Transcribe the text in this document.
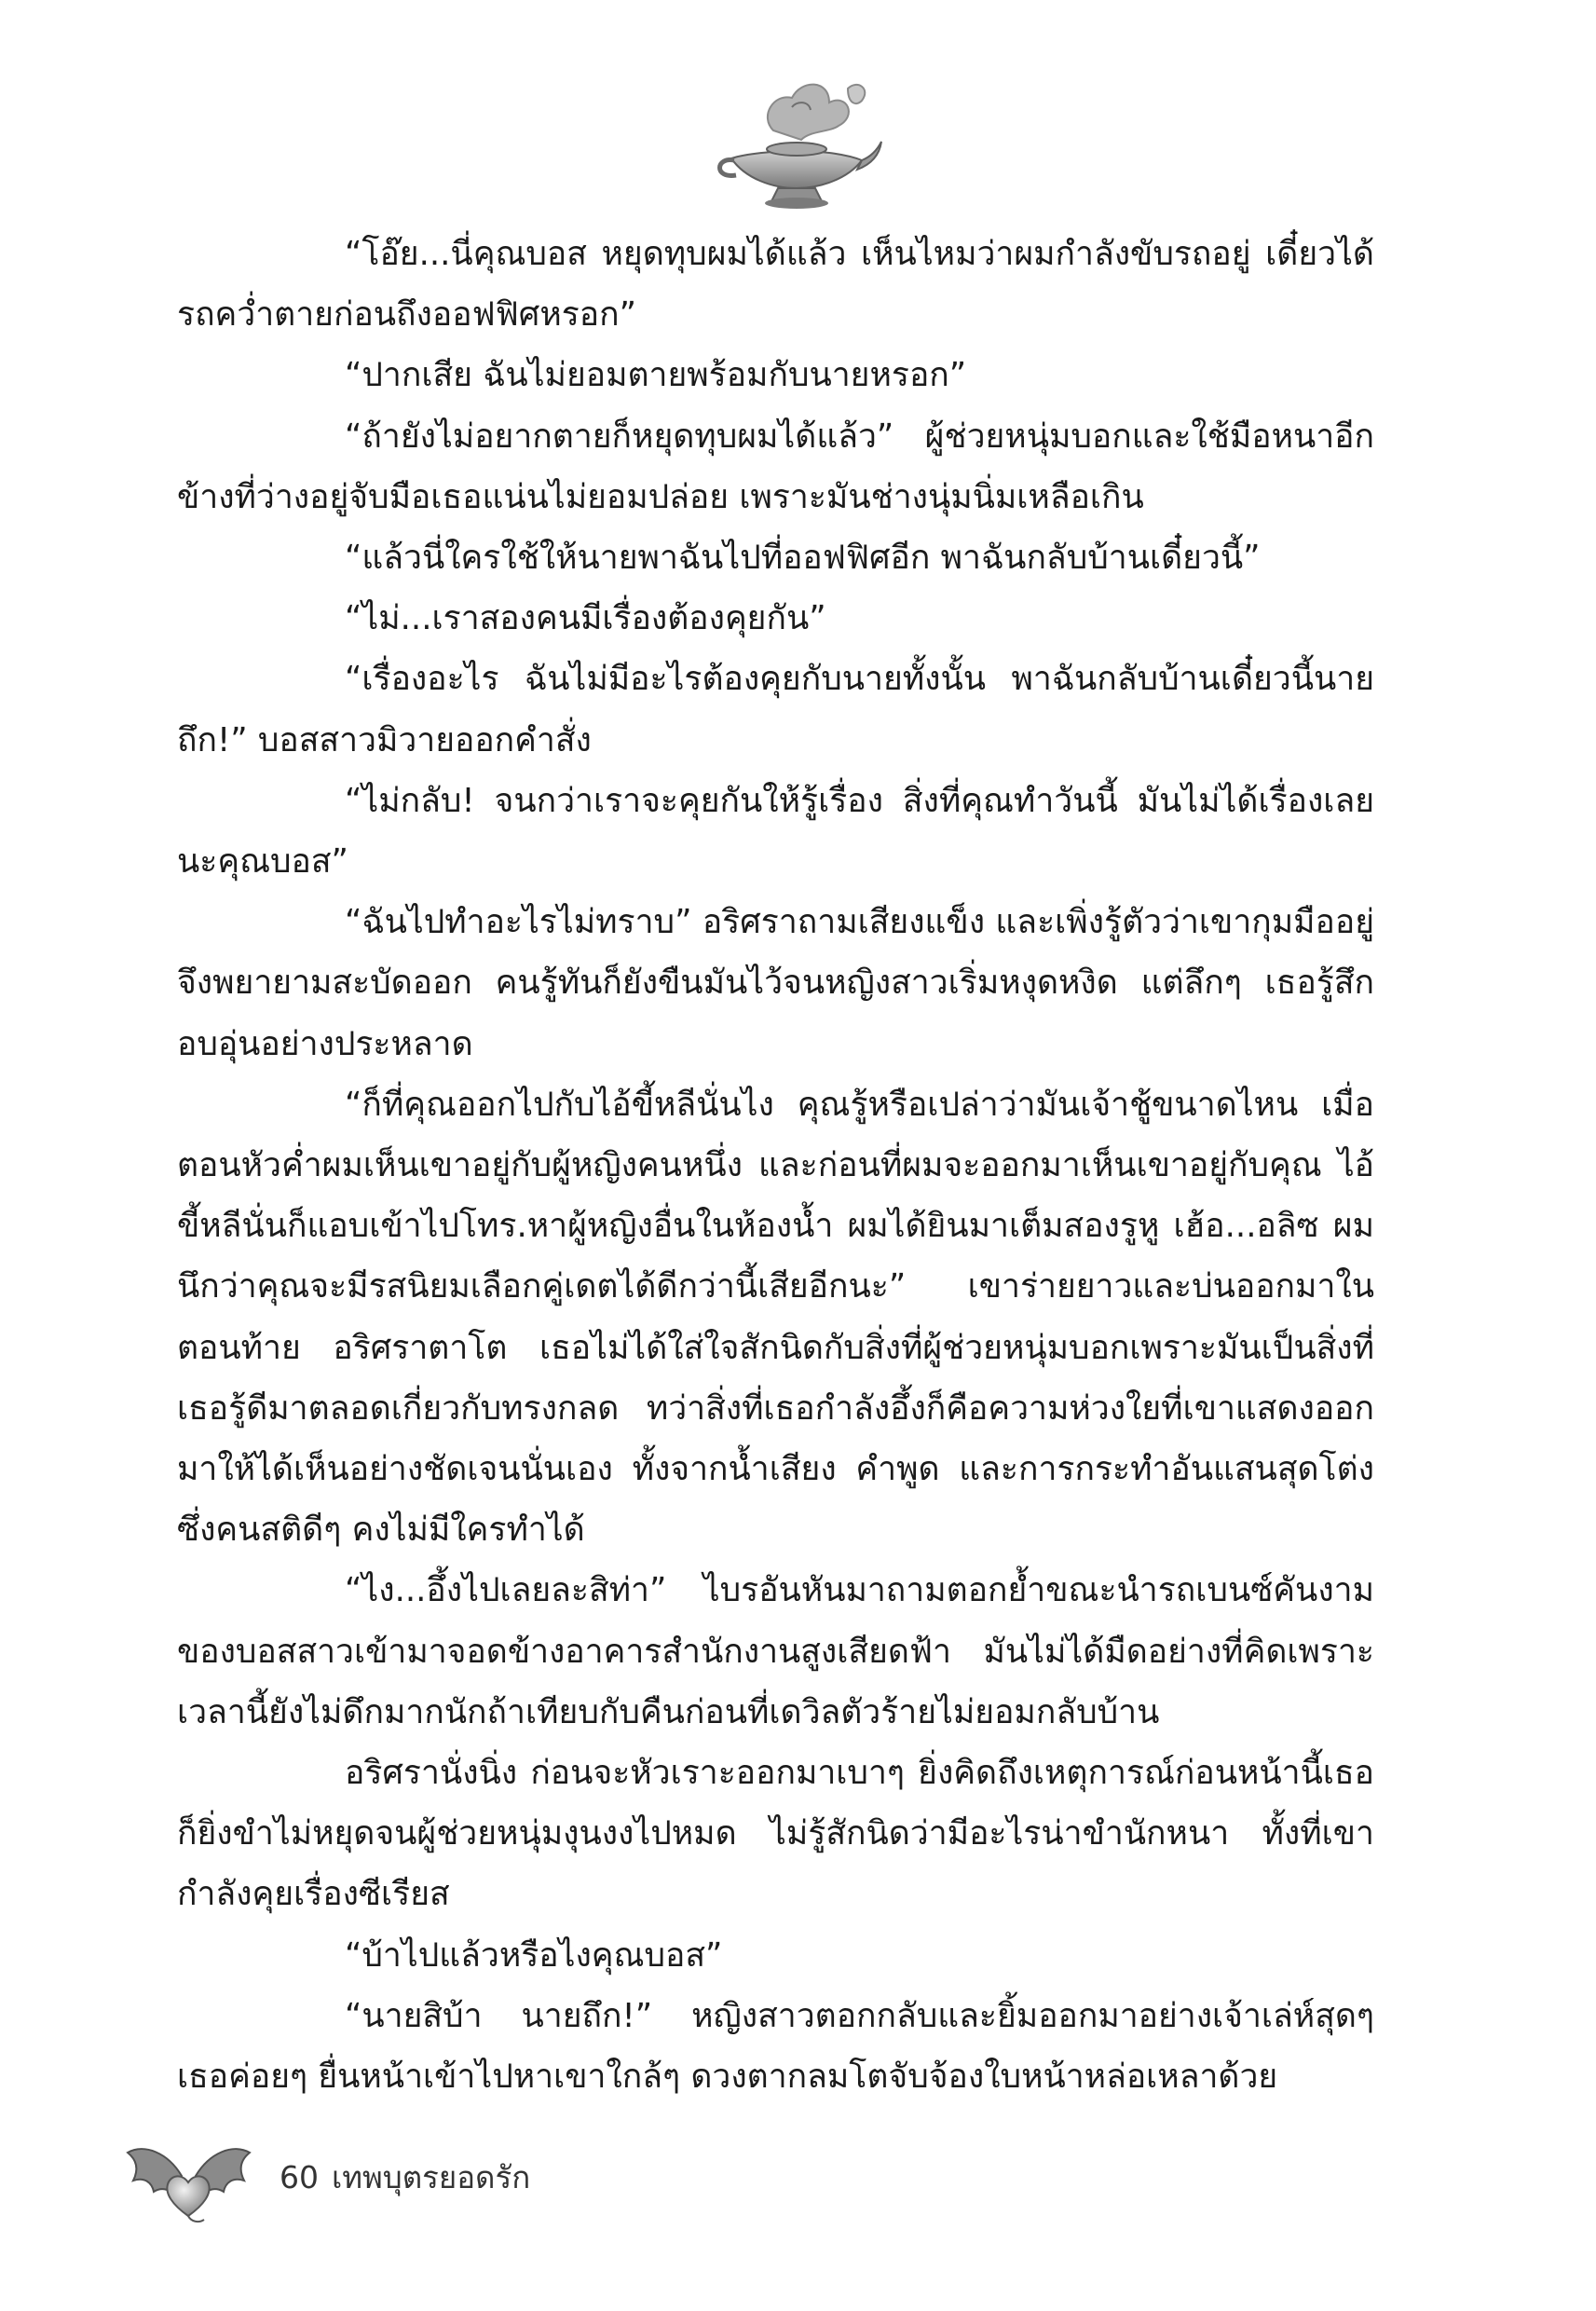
“โอ๊ย...นี่คุณบอส หยุดทุบผมได้แล้ว เห็นไหมว่าผมกำลังขับรถอยู่ เดี๋ยวได้รถคว่ำตายก่อนถึงออฟฟิศหรอก”

“ปากเสีย ฉันไม่ยอมตายพร้อมกับนายหรอก”

“ถ้ายังไม่อยากตายก็หยุดทุบผมได้แล้ว” ผู้ช่วยหนุ่มบอกและใช้มือหนาอีกข้างที่ว่างอยู่จับมือเธอแน่นไม่ยอมปล่อย เพราะมันช่างนุ่มนิ่มเหลือเกิน

“แล้วนี่ใครใช้ให้นายพาฉันไปที่ออฟฟิศอีก พาฉันกลับบ้านเดี๋ยวนี้”

“ไม่...เราสองคนมีเรื่องต้องคุยกัน”

“เรื่องอะไร ฉันไม่มีอะไรต้องคุยกับนายทั้งนั้น พาฉันกลับบ้านเดี๋ยวนี้นายถึก!” บอสสาวมิวายออกคำสั่ง

“ไม่กลับ! จนกว่าเราจะคุยกันให้รู้เรื่อง สิ่งที่คุณทำวันนี้ มันไม่ได้เรื่องเลยนะคุณบอส”

“ฉันไปทำอะไรไม่ทราบ” อริศราถามเสียงแข็ง และเพิ่งรู้ตัวว่าเขากุมมืออยู่จึงพยายามสะบัดออก คนรู้ทันก็ยังขืนมันไว้จนหญิงสาวเริ่มหงุดหงิด แต่ลึกๆ เธอรู้สึกอบอุ่นอย่างประหลาด

“ก็ที่คุณออกไปกับไอ้ขี้หลีนั่นไง คุณรู้หรือเปล่าว่ามันเจ้าชู้ขนาดไหน เมื่อตอนหัวค่ำผมเห็นเขาอยู่กับผู้หญิงคนหนึ่ง และก่อนที่ผมจะออกมาเห็นเขาอยู่กับคุณ ไอ้ขี้หลีนั่นก็แอบเข้าไปโทร.หาผู้หญิงอื่นในห้องน้ำ ผมได้ยินมาเต็มสองรูหู เฮ้อ...อลิซ ผมนึกว่าคุณจะมีรสนิยมเลือกคู่เดตได้ดีกว่านี้เสียอีกนะ” เขาร่ายยาวและบ่นออกมาในตอนท้าย อริศราตาโต เธอไม่ได้ใส่ใจสักนิดกับสิ่งที่ผู้ช่วยหนุ่มบอกเพราะมันเป็นสิ่งที่เธอรู้ดีมาตลอดเกี่ยวกับทรงกลด ทว่าสิ่งที่เธอกำลังอึ้งก็คือความห่วงใยที่เขาแสดงออกมาให้ได้เห็นอย่างชัดเจนนั่นเอง ทั้งจากน้ำเสียง คำพูด และการกระทำอันแสนสุดโต่งซึ่งคนสติดีๆ คงไม่มีใครทำได้

“ไง...อึ้งไปเลยละสิท่า” ไบรอันหันมาถามตอกย้ำขณะนำรถเบนซ์คันงามของบอสสาวเข้ามาจอดข้างอาคารสำนักงานสูงเสียดฟ้า มันไม่ได้มืดอย่างที่คิดเพราะเวลานี้ยังไม่ดึกมากนักถ้าเทียบกับคืนก่อนที่เดวิลตัวร้ายไม่ยอมกลับบ้าน

อริศรานั่งนิ่ง ก่อนจะหัวเราะออกมาเบาๆ ยิ่งคิดถึงเหตุการณ์ก่อนหน้านี้เธอก็ยิ่งขำไม่หยุดจนผู้ช่วยหนุ่มงุนงงไปหมด ไม่รู้สักนิดว่ามีอะไรน่าขำนักหนา ทั้งที่เขากำลังคุยเรื่องซีเรียส

“บ้าไปแล้วหรือไงคุณบอส”

“นายสิบ้า นายถึก!” หญิงสาวตอกกลับและยิ้มออกมาอย่างเจ้าเล่ห์สุดๆ เธอค่อยๆ ยื่นหน้าเข้าไปหาเขาใกล้ๆ ดวงตากลมโตจับจ้องใบหน้าหล่อเหลาด้วย

60 เทพบุตรยอดรัก
